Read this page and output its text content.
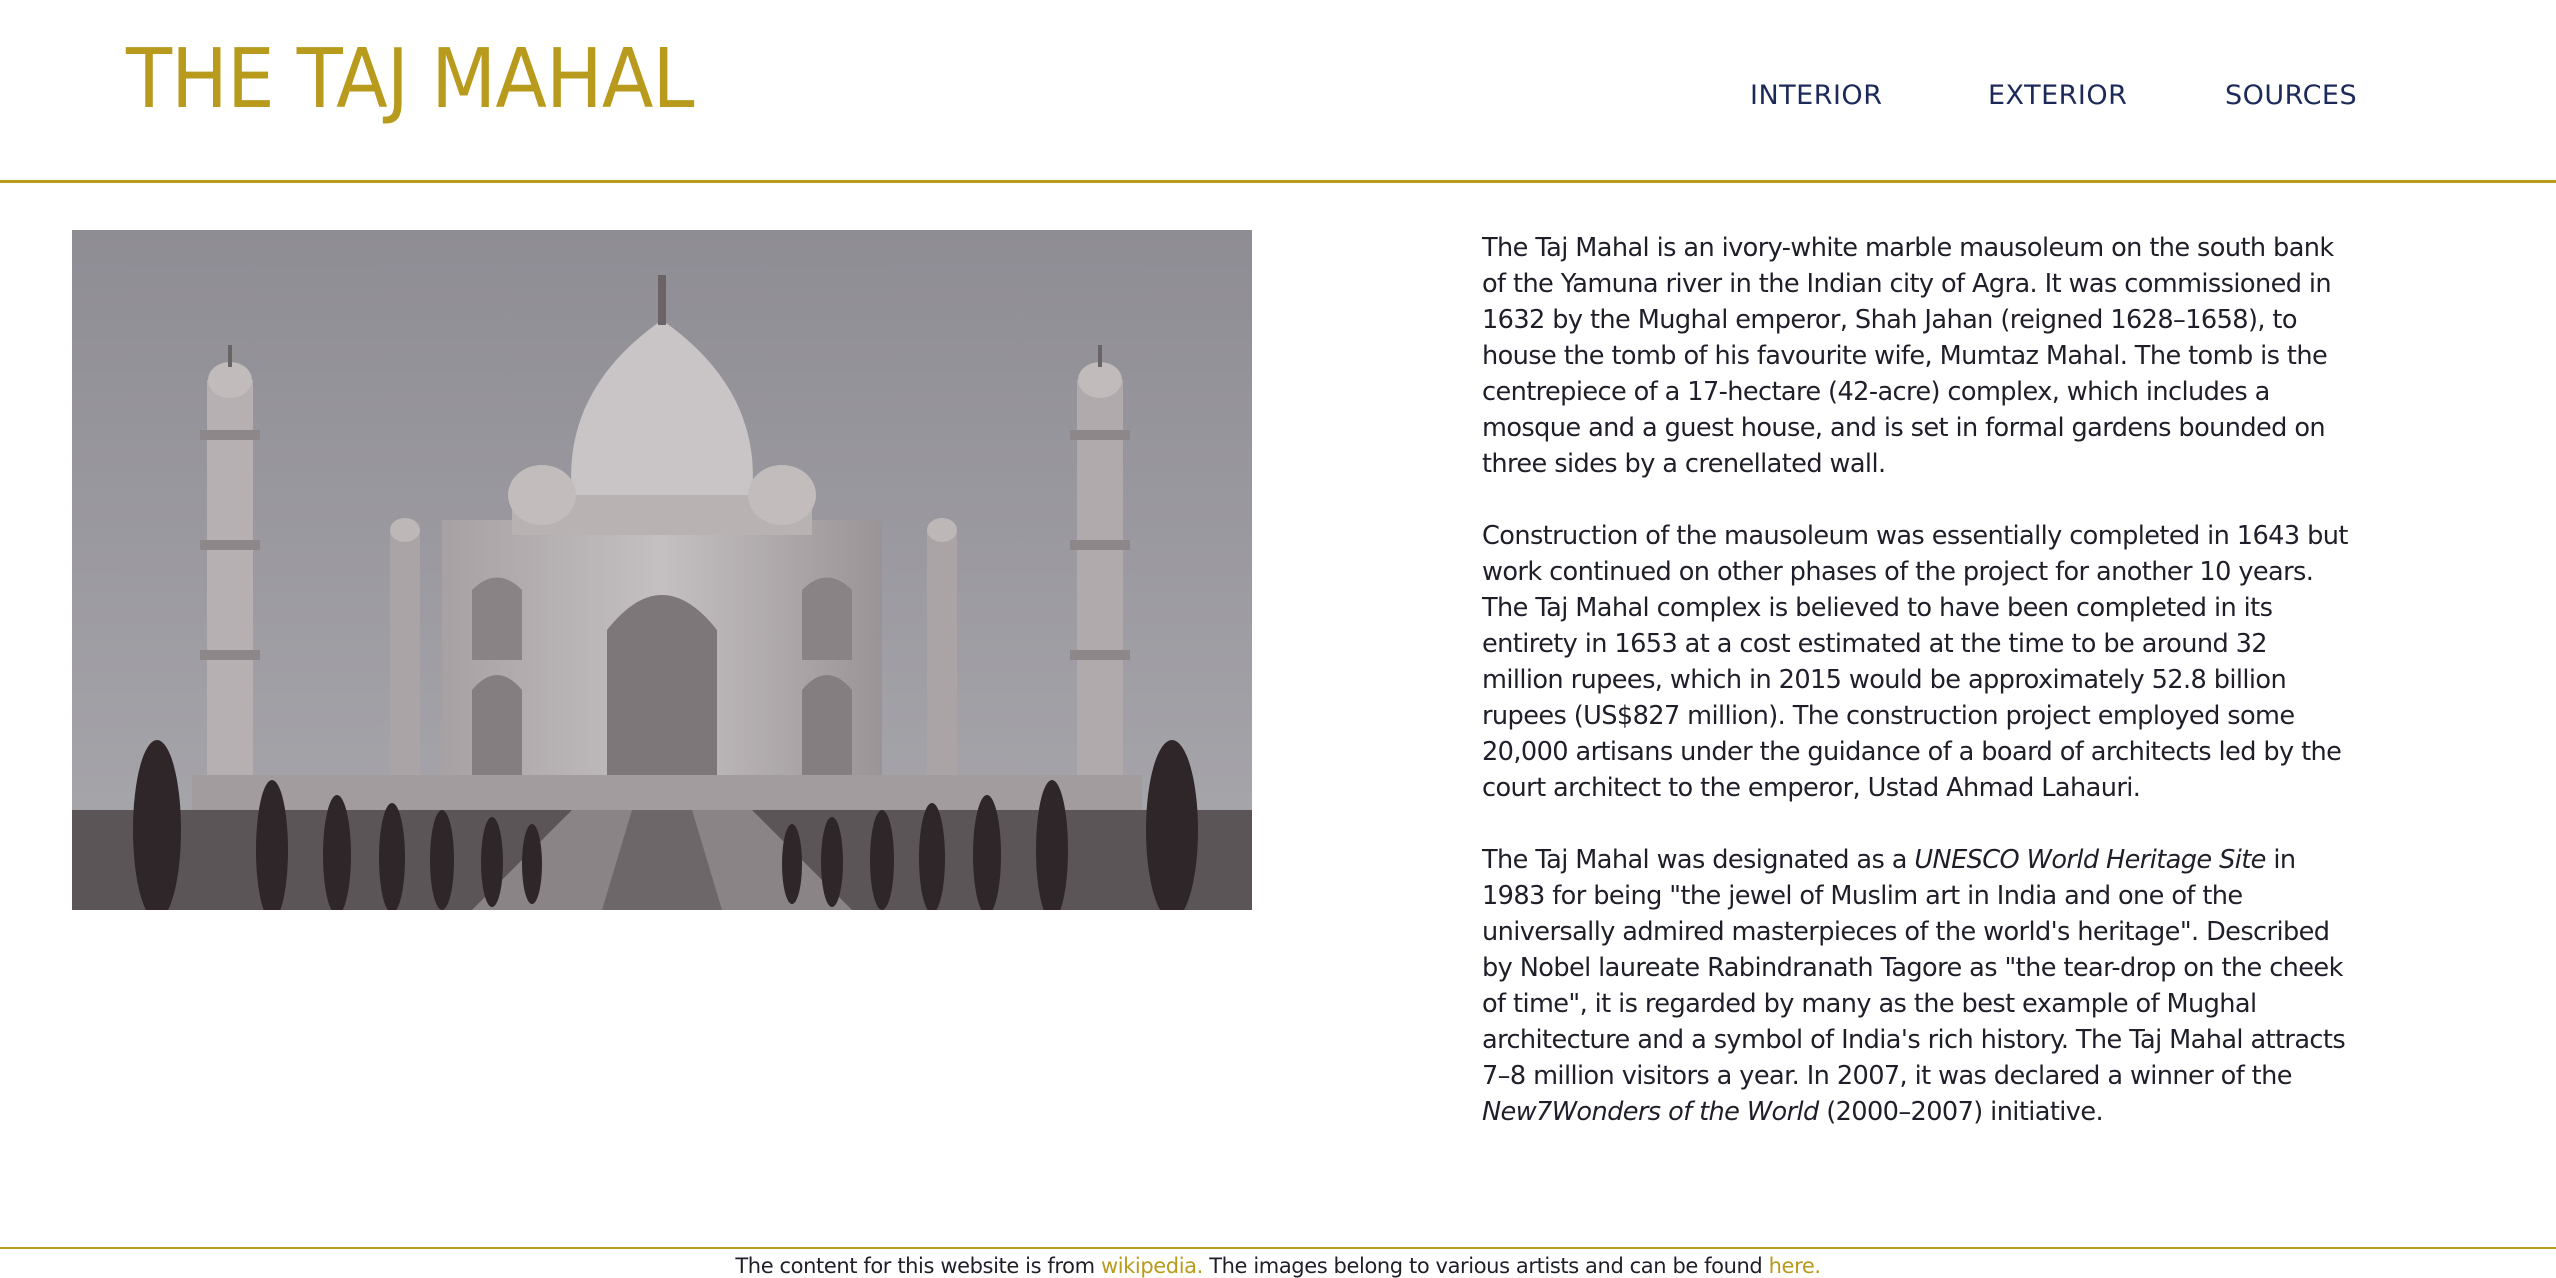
THE TAJ MAHAL	INTERIOR	EXTERIOR	SOURCES

The Taj Mahal is an ivory-white marble mausoleum on the south bank of the Yamuna river in the Indian city of Agra. It was commissioned in 1632 by the Mughal emperor, Shah Jahan (reigned 1628–1658), to house the tomb of his favourite wife, Mumtaz Mahal. The tomb is the centrepiece of a 17-hectare (42-acre) complex, which includes a mosque and a guest house, and is set in formal gardens bounded on three sides by a crenellated wall.

Construction of the mausoleum was essentially completed in 1643 but work continued on other phases of the project for another 10 years. The Taj Mahal complex is believed to have been completed in its entirety in 1653 at a cost estimated at the time to be around 32 million rupees, which in 2015 would be approximately 52.8 billion rupees (US$827 million). The construction project employed some 20,000 artisans under the guidance of a board of architects led by the court architect to the emperor, Ustad Ahmad Lahauri.

The Taj Mahal was designated as a UNESCO World Heritage Site in 1983 for being "the jewel of Muslim art in India and one of the universally admired masterpieces of the world's heritage". Described by Nobel laureate Rabindranath Tagore as "the tear-drop on the cheek of time", it is regarded by many as the best example of Mughal architecture and a symbol of India's rich history. The Taj Mahal attracts 7–8 million visitors a year. In 2007, it was declared a winner of the New7Wonders of the World (2000–2007) initiative.

The content for this website is from wikipedia. The images belong to various artists and can be found here.
